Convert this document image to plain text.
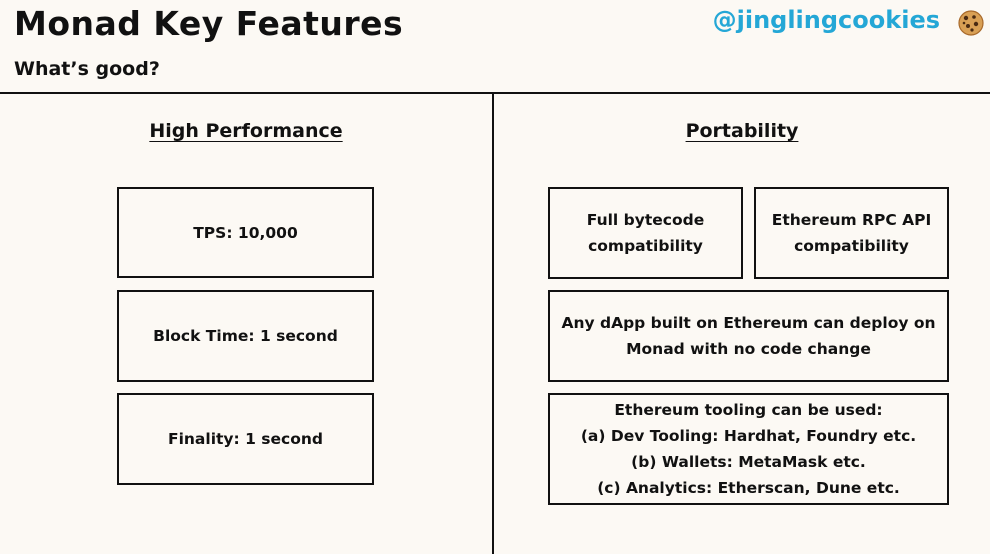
Monad Key Features
What’s good?
@jinglingcookies
High Performance
TPS: 10,000
Block Time: 1 second
Finality: 1 second
Portability
Full bytecode
compatibility
Ethereum RPC API
compatibility
Any dApp built on Ethereum can deploy on
Monad with no code change
Ethereum tooling can be used:
(a) Dev Tooling: Hardhat, Foundry etc.
(b) Wallets: MetaMask etc.
(c) Analytics: Etherscan, Dune etc.
